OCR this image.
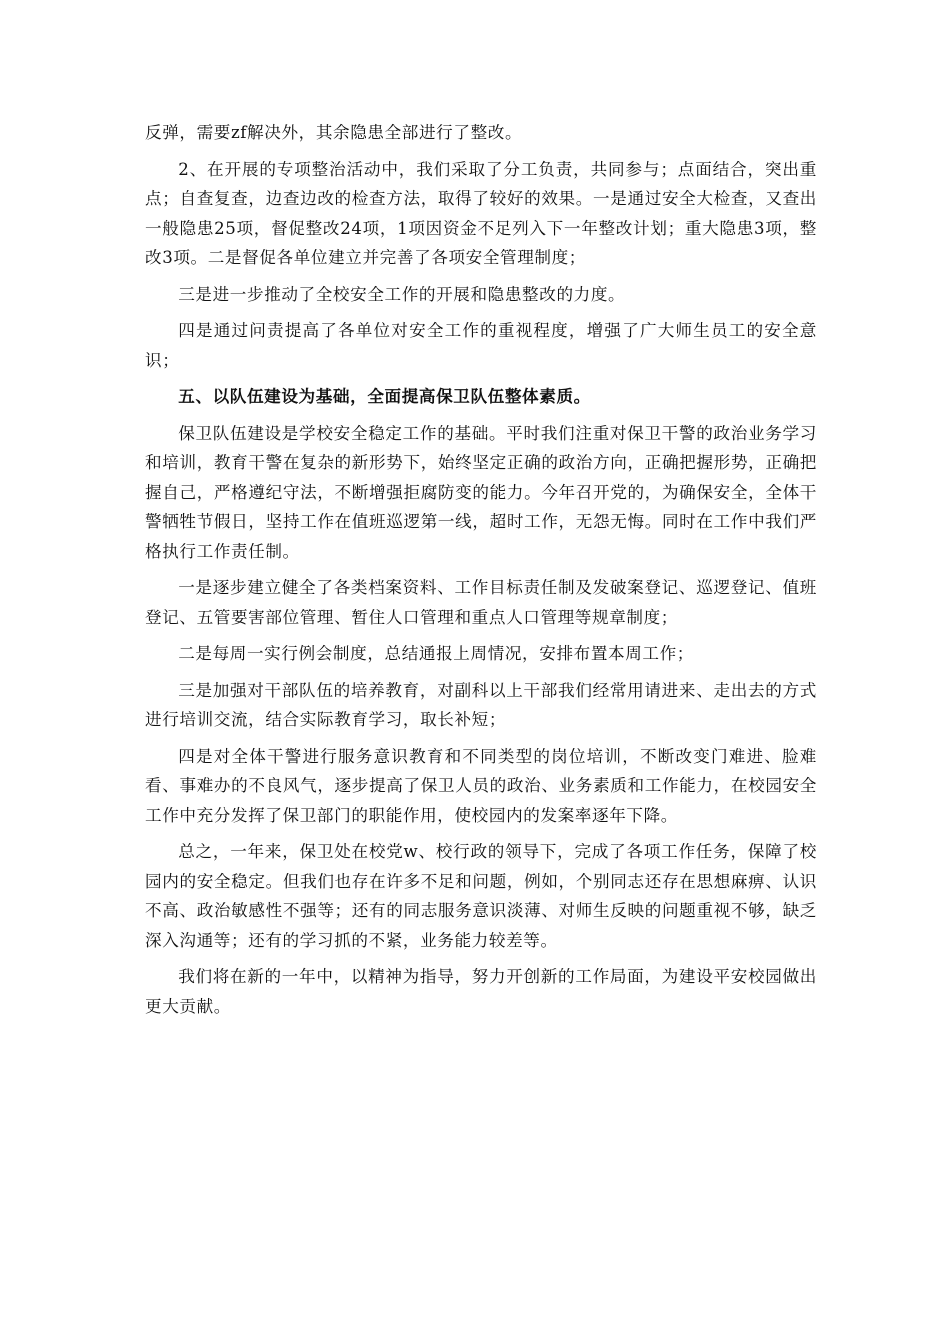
反弹，需要zf解决外，其余隐患全部进行了整改。

2、在开展的专项整治活动中，我们采取了分工负责，共同参与；点面结合，突出重点；自查复查，边查边改的检查方法，取得了较好的效果。一是通过安全大检查，又查出一般隐患25项，督促整改24项，1项因资金不足列入下一年整改计划；重大隐患3项，整改3项。二是督促各单位建立并完善了各项安全管理制度；

三是进一步推动了全校安全工作的开展和隐患整改的力度。

四是通过问责提高了各单位对安全工作的重视程度，增强了广大师生员工的安全意识；

五、以队伍建设为基础，全面提高保卫队伍整体素质。

保卫队伍建设是学校安全稳定工作的基础。平时我们注重对保卫干警的政治业务学习和培训，教育干警在复杂的新形势下，始终坚定正确的政治方向，正确把握形势，正确把握自己，严格遵纪守法，不断增强拒腐防变的能力。今年召开党的，为确保安全，全体干警牺牲节假日，坚持工作在值班巡逻第一线，超时工作，无怨无悔。同时在工作中我们严格执行工作责任制。

一是逐步建立健全了各类档案资料、工作目标责任制及发破案登记、巡逻登记、值班登记、五管要害部位管理、暂住人口管理和重点人口管理等规章制度；

二是每周一实行例会制度，总结通报上周情况，安排布置本周工作；

三是加强对干部队伍的培养教育，对副科以上干部我们经常用请进来、走出去的方式进行培训交流，结合实际教育学习，取长补短；

四是对全体干警进行服务意识教育和不同类型的岗位培训，不断改变门难进、脸难看、事难办的不良风气，逐步提高了保卫人员的政治、业务素质和工作能力，在校园安全工作中充分发挥了保卫部门的职能作用，使校园内的发案率逐年下降。

总之，一年来，保卫处在校党w、校行政的领导下，完成了各项工作任务，保障了校园内的安全稳定。但我们也存在许多不足和问题，例如，个别同志还存在思想麻痹、认识不高、政治敏感性不强等；还有的同志服务意识淡薄、对师生反映的问题重视不够，缺乏深入沟通等；还有的学习抓的不紧，业务能力较差等。

我们将在新的一年中，以精神为指导，努力开创新的工作局面，为建设平安校园做出更大贡献。
